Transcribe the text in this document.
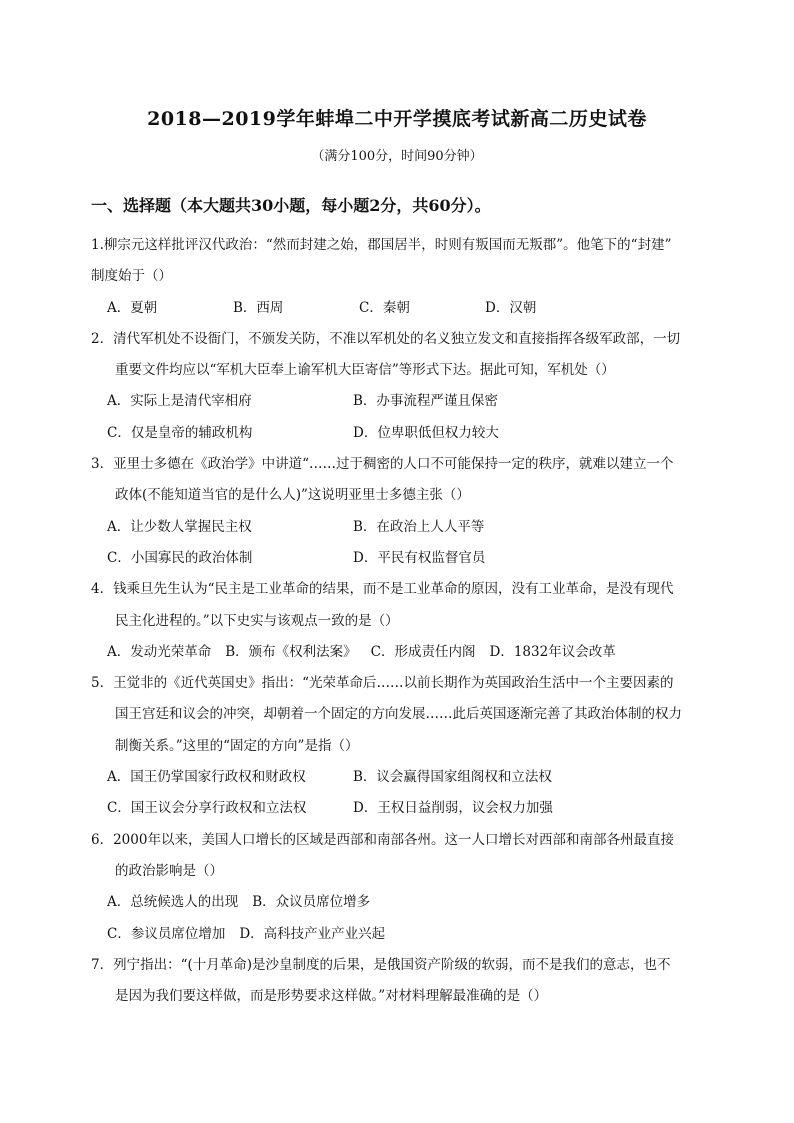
2018—2019学年蚌埠二中开学摸底考试新高二历史试卷
（满分100分，时间90分钟）
一、选择题（本大题共30小题，每小题2分，共60分）。
1.柳宗元这样批评汉代政治：“然而封建之始，郡国居半，时则有叛国而无叛郡”。他笔下的“封建”
制度始于（）
A．夏朝	B．西周	C．秦朝	D．汉朝
2．清代军机处不设衙门，不颁发关防，不准以军机处的名义独立发文和直接指挥各级军政部，一切
重要文件均应以“军机大臣奉上谕军机大臣寄信”等形式下达。据此可知，军机处（）
A．实际上是清代宰相府	B．办事流程严谨且保密
C．仅是皇帝的辅政机构	D．位卑职低但权力较大
3．亚里士多德在《政治学》中讲道“……过于稠密的人口不可能保持一定的秩序，就难以建立一个
政体(不能知道当官的是什么人)”这说明亚里士多德主张（）
A．让少数人掌握民主权	B．在政治上人人平等
C．小国寡民的政治体制	D．平民有权监督官员
4．钱乘旦先生认为“民主是工业革命的结果，而不是工业革命的原因，没有工业革命，是没有现代
民主化进程的。”以下史实与该观点一致的是（）
A．发动光荣革命 B．颁布《权利法案》 C．形成责任内阁 D．1832年议会改革
5．王觉非的《近代英国史》指出：“光荣革命后……以前长期作为英国政治生活中一个主要因素的
国王宫廷和议会的冲突，却朝着一个固定的方向发展……此后英国逐渐完善了其政治体制的权力
制衡关系。”这里的“固定的方向”是指（）
A．国王仍掌国家行政权和财政权	B．议会赢得国家组阁权和立法权
C．国王议会分享行政权和立法权	D．王权日益削弱，议会权力加强
6．2000年以来，美国人口增长的区域是西部和南部各州。这一人口增长对西部和南部各州最直接
的政治影响是（）
A．总统候选人的出现 B．众议员席位增多
C．参议员席位增加 D．高科技产业产业兴起
7．列宁指出：“(十月革命)是沙皇制度的后果，是俄国资产阶级的软弱，而不是我们的意志，也不
是因为我们要这样做，而是形势要求这样做。”对材料理解最准确的是（）
